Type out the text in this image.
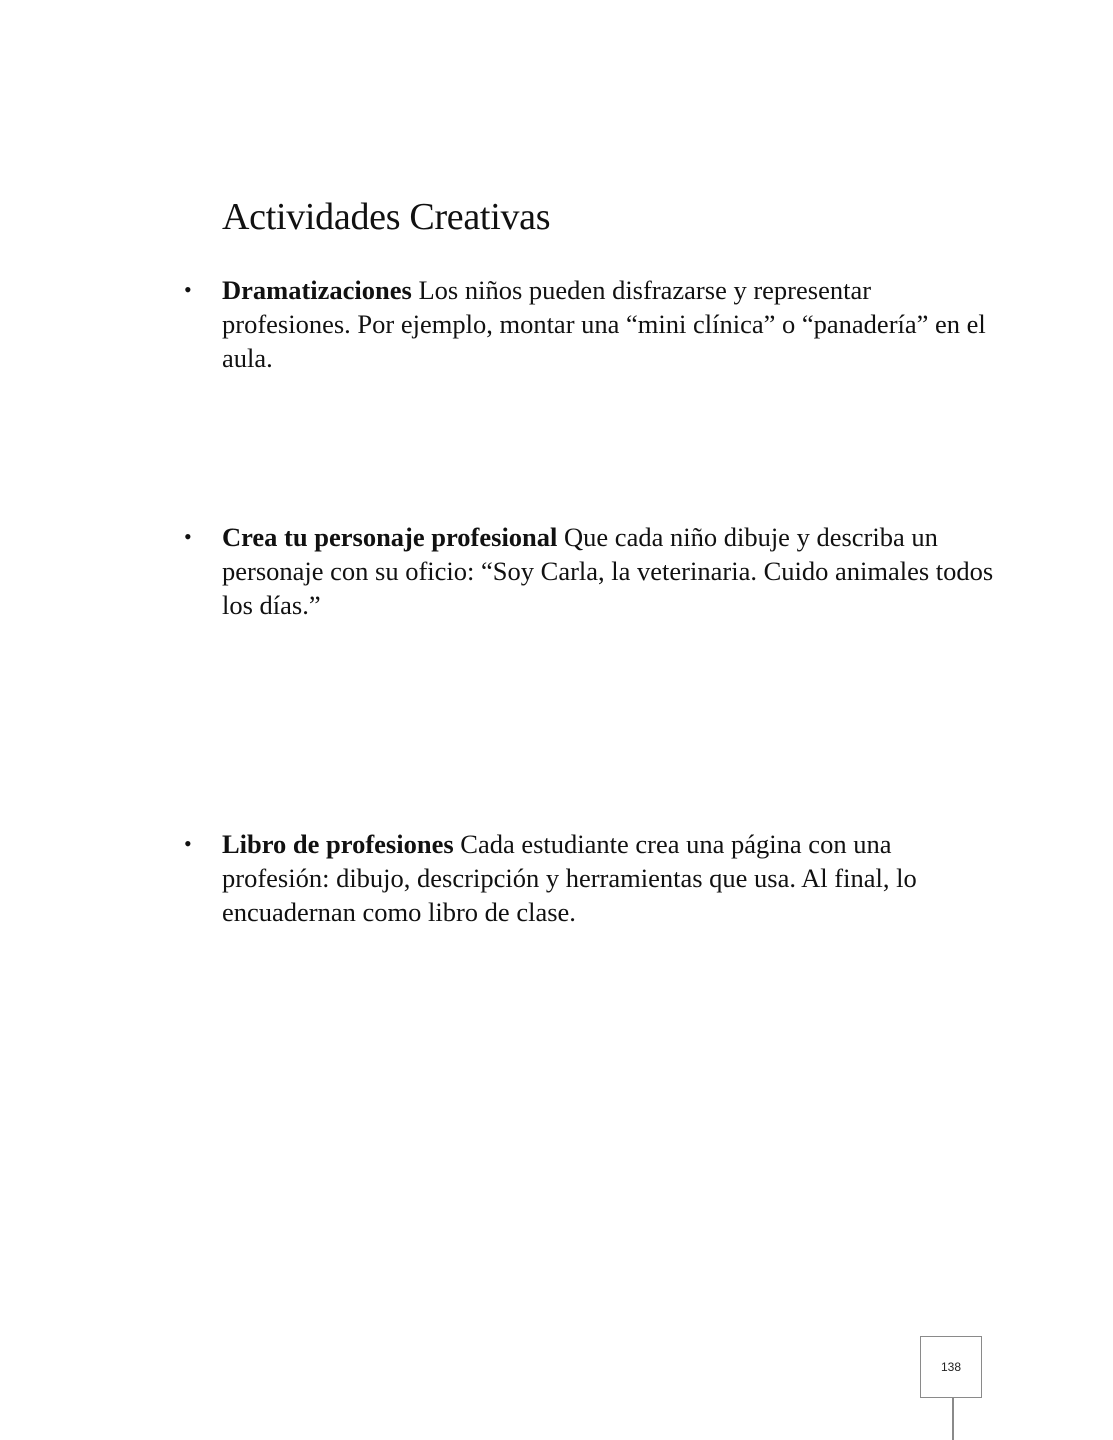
Actividades Creativas
• Dramatizaciones Los niños pueden disfrazarse y representar profesiones. Por ejemplo, montar una “mini clínica” o “panadería” en el aula.
• Crea tu personaje profesional Que cada niño dibuje y describa un personaje con su oficio: “Soy Carla, la veterinaria. Cuido animales todos los días.”
• Libro de profesiones Cada estudiante crea una página con una profesión: dibujo, descripción y herramientas que usa. Al final, lo encuadernan como libro de clase.
138
